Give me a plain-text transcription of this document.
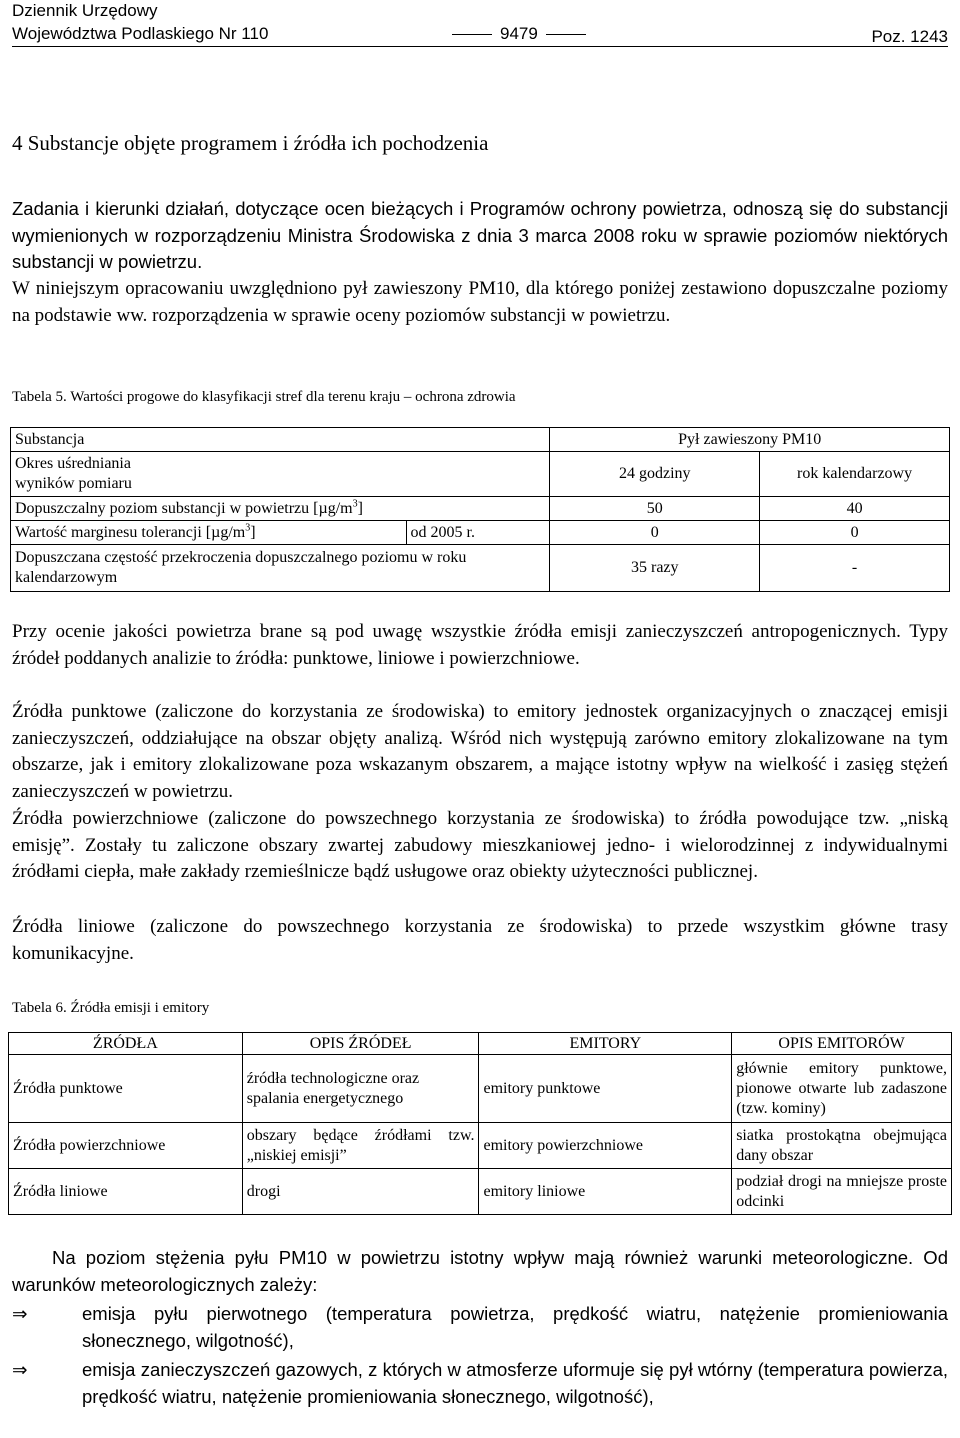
Dziennik Urzędowy
Województwa Podlaskiego Nr 110	9479	Poz. 1243
4 Substancje objęte programem i źródła ich pochodzenia

Zadania i kierunki działań, dotyczące ocen bieżących i Programów ochrony powietrza, odnoszą się do substancji wymienionych w rozporządzeniu Ministra Środowiska z dnia 3 marca 2008 roku w sprawie poziomów niektórych substancji w powietrzu.

W niniejszym opracowaniu uwzględniono pył zawieszony PM10, dla którego poniżej zestawiono dopuszczalne poziomy na podstawie ww. rozporządzenia w sprawie oceny poziomów substancji w powietrzu.

Tabela 5. Wartości progowe do klasyfikacji stref dla terenu kraju – ochrona zdrowia

Substancja		Pył zawieszony PM10	
Okres uśredniania wyników pomiaru		24 godziny	rok kalendarzowy
Dopuszczalny poziom substancji w powietrzu $[\mu g/m^3]$		50	40
Wartość marginesu tolerancji $[\mu g/m^3]$	od 2005 r.	0	0
Dopuszczana częstość przekroczenia dopuszczalnego poziomu w roku kalendarzowym		35 razy	-

Przy ocenie jakości powietrza brane są pod uwagę wszystkie źródła emisji zanieczyszczeń antropogenicznych. Typy źródeł poddanych analizie to źródła: punktowe, liniowe i powierzchniowe.

Źródła punktowe (zaliczone do korzystania ze środowiska) to emitory jednostek organizacyjnych o znaczącej emisji zanieczyszczeń, oddziałujące na obszar objęty analizą. Wśród nich występują zarówno emitory zlokalizowane na tym obszarze, jak i emitory zlokalizowane poza wskazanym obszarem, a mające istotny wpływ na wielkość i zasięg stężeń zanieczyszczeń w powietrzu.

Źródła powierzchniowe (zaliczone do powszechnego korzystania ze środowiska) to źródła powodujące tzw. „niską emisję”. Zostały tu zaliczone obszary zwartej zabudowy mieszkaniowej jedno- i wielorodzinnej z indywidualnymi źródłami ciepła, małe zakłady rzemieślnicze bądź usługowe oraz obiekty użyteczności publicznej.

Źródła liniowe (zaliczone do powszechnego korzystania ze środowiska) to przede wszystkim główne trasy komunikacyjne.

Tabela 6. Źródła emisji i emitory

ŹRÓDŁA	OPIS ŹRÓDEŁ	EMITORY	OPIS EMITORÓW
Źródła punktowe	źródła technologiczne oraz spalania energetycznego	emitory punktowe	głównie emitory punktowe, pionowe otwarte lub zadaszone (tzw. kominy)
Źródła powierzchniowe	obszary będące źródłami tzw. „niskiej emisji”	emitory powierzchniowe	siatka prostokątna obejmująca dany obszar
Źródła liniowe	drogi	emitory liniowe	podział drogi na mniejsze proste odcinki

Na poziom stężenia pyłu PM10 w powietrzu istotny wpływ mają również warunki meteorologiczne. Od warunków meteorologicznych zależy:

⇒	emisja pyłu pierwotnego (temperatura powietrza, prędkość wiatru, natężenie promieniowania słonecznego, wilgotność),
⇒	emisja zanieczyszczeń gazowych, z których w atmosferze uformuje się pył wtórny (temperatura powierza, prędkość wiatru, natężenie promieniowania słonecznego, wilgotność),
